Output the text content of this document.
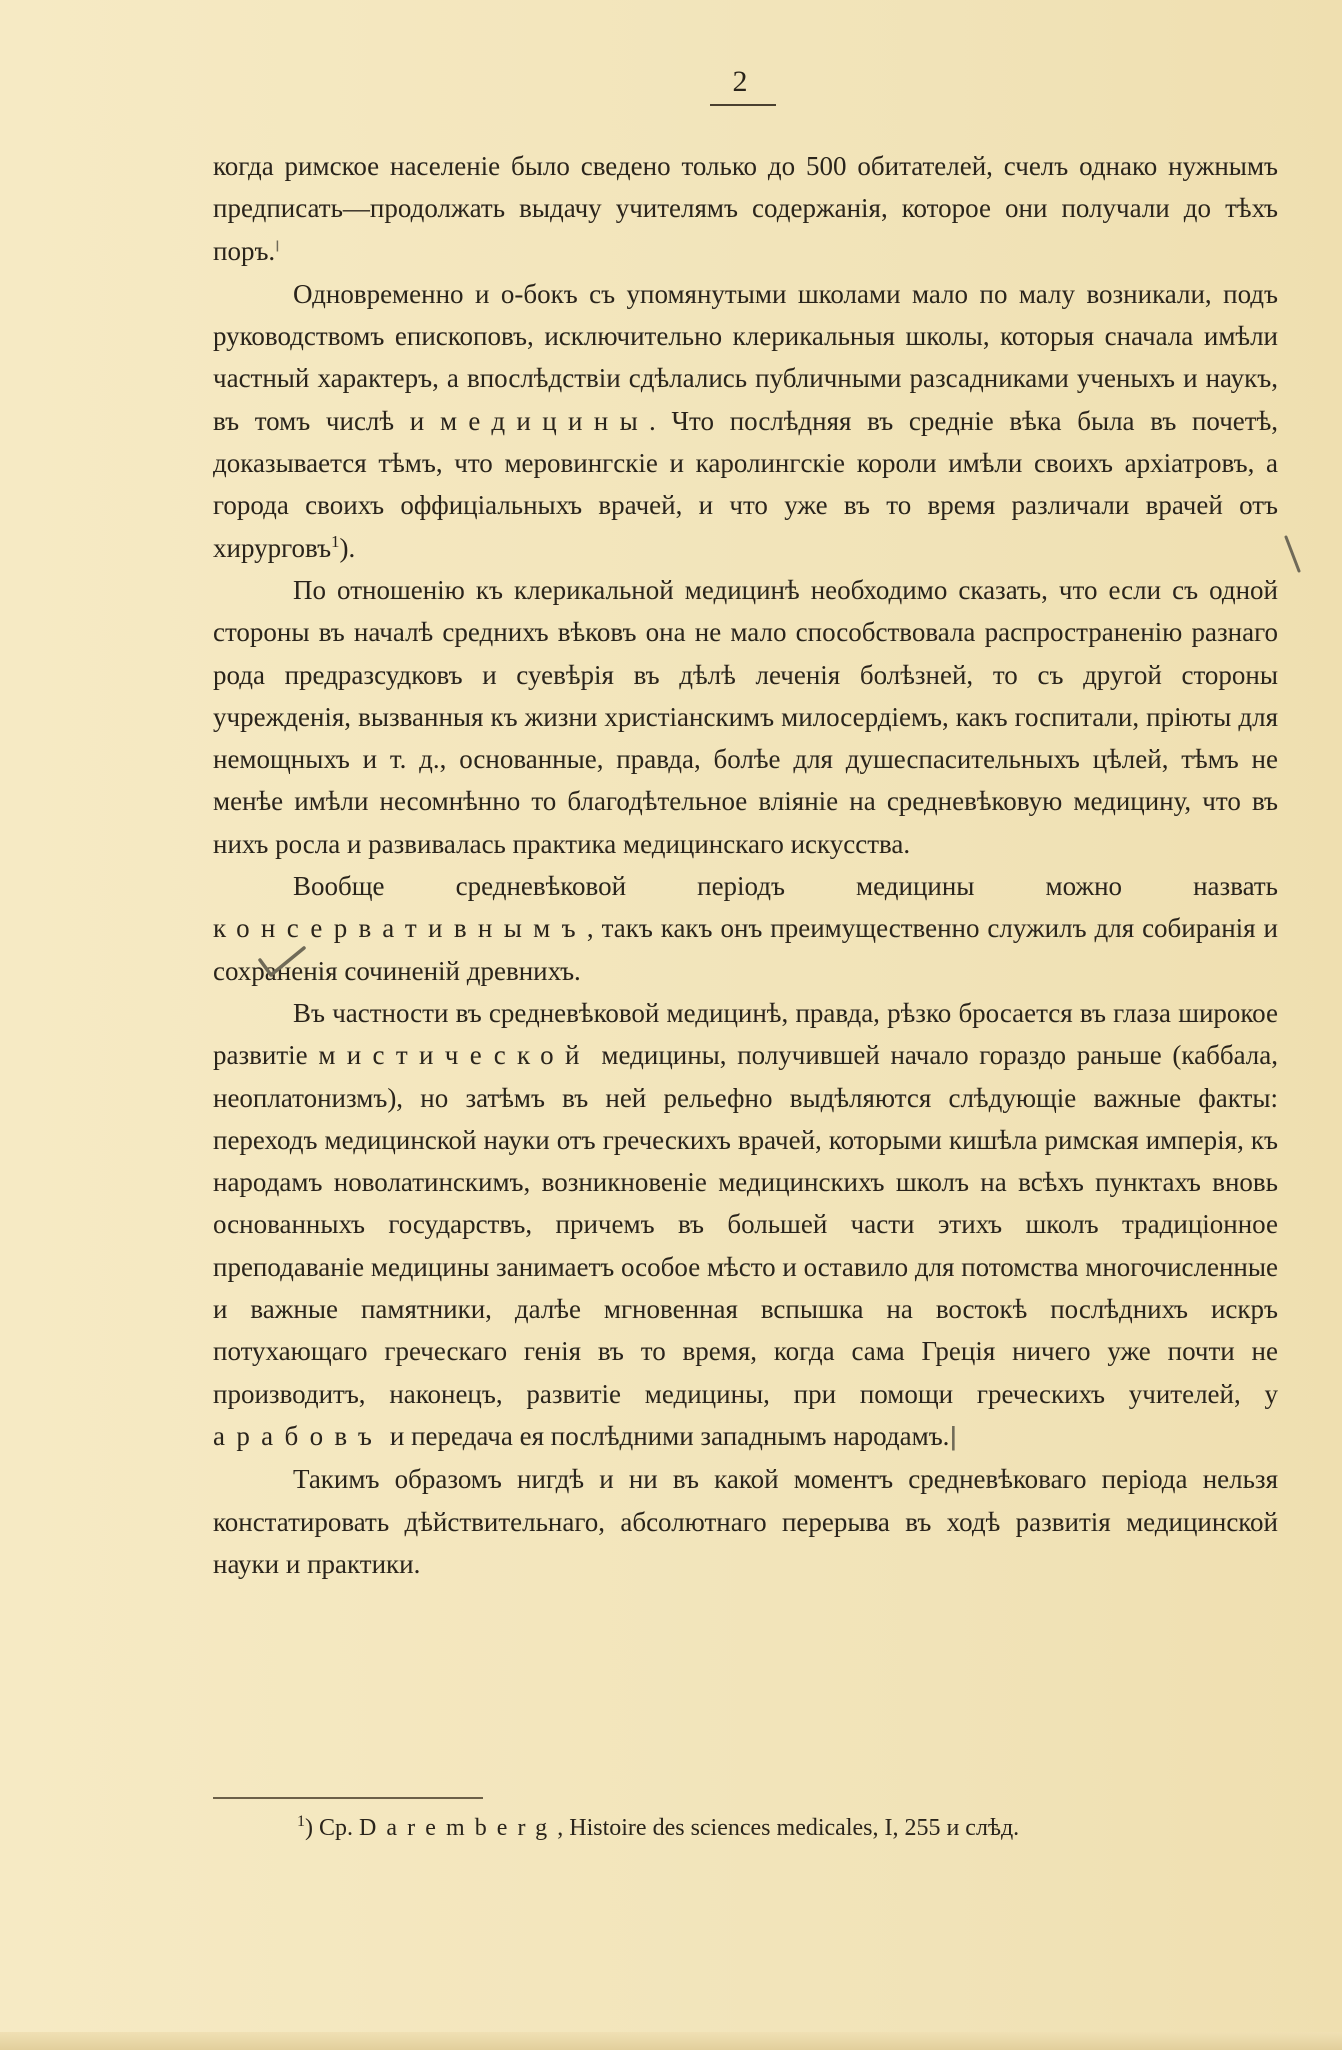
2

когда римское населеніе было сведено только до 500 обитателей, счелъ однако нужнымъ предписать—продолжать выдачу учителямъ содержанія, которое они получали до тѣхъ поръ.ˡ

Одновременно и о-бокъ съ упомянутыми школами мало по малу возникали, подъ руководствомъ епископовъ, исключительно клерикальныя школы, которыя сначала имѣли частный характеръ, а впослѣдствіи сдѣлались публичными разсадниками ученыхъ и наукъ, въ томъ числѣ и медицины. Что послѣдняя въ средніе вѣка была въ почетѣ, доказывается тѣмъ, что меровингскіе и каролингскіе короли имѣли своихъ архіатровъ, а города своихъ оффиціальныхъ врачей, и что уже въ то время различали врачей отъ хирурговъ$^1$).

По отношенію къ клерикальной медицинѣ необходимо сказать, что если съ одной стороны въ началѣ среднихъ вѣковъ она не мало способствовала распространенію разнаго рода предразсудковъ и суевѣрія въ дѣлѣ леченія болѣзней, то съ другой стороны учрежденія, вызванныя къ жизни христіанскимъ милосердіемъ, какъ госпитали, пріюты для немощныхъ и т. д., основанные, правда, болѣе для душеспасительныхъ цѣлей, тѣмъ не менѣе имѣли несомнѣнно то благодѣтельное вліяніе на средневѣковую медицину, что въ нихъ росла и развивалась практика медицинскаго искусства.

Вообще средневѣковой періодъ медицины можно назвать консервативнымъ, такъ какъ онъ преимущественно служилъ для собиранія и сохраненія сочиненій древнихъ.

Въ частности въ средневѣковой медицинѣ, правда, рѣзко бросается въ глаза широкое развитіе мистической медицины, получившей начало гораздо раньше (каббала, неоплатонизмъ), но затѣмъ въ ней рельефно выдѣляются слѣдующіе важные факты: переходъ медицинской науки отъ греческихъ врачей, которыми кишѣла римская имперія, къ народамъ новолатинскимъ, возникновеніе медицинскихъ школъ на всѣхъ пунктахъ вновь основанныхъ государствъ, причемъ въ большей части этихъ школъ традиціонное преподаваніе медицины занимаетъ особое мѣсто и оставило для потомства многочисленные и важные памятники, далѣе мгновенная вспышка на востокѣ послѣднихъ искръ потухающаго греческаго генія въ то время, когда сама Греція ничего уже почти не производитъ, наконецъ, развитіе медицины, при помощи греческихъ учителей, у арабовъ и передача ея послѣдними западнымъ народамъ.ǀ

Такимъ образомъ нигдѣ и ни въ какой моментъ средневѣковаго періода нельзя констатировать дѣйствительнаго, абсолютнаго перерыва въ ходѣ развитія медицинской науки и практики.

$^1$) Cp. Daremberg, Histoire des sciences medicales, I, 255 и слѣд.
